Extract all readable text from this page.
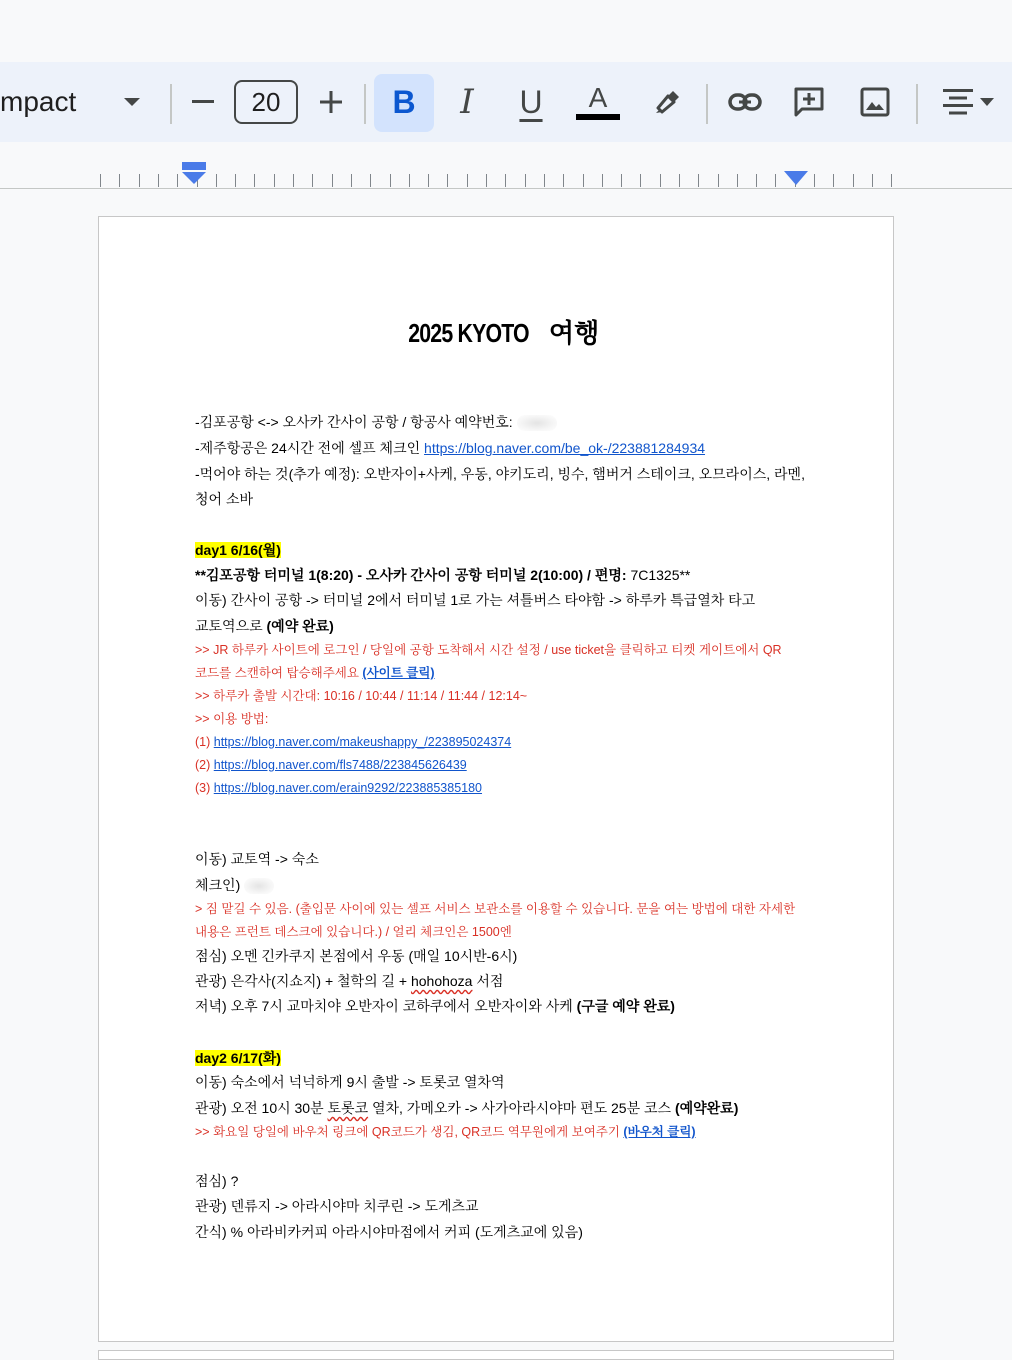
mpact	20	B	I	U	A
2025 KYOTO 여행
-김포공항 <-> 오사카 간사이 공항 / 항공사 예약번호:
-제주항공은 24시간 전에 셀프 체크인 https://blog.naver.com/be_ok-/223881284934
-먹어야 하는 것(추가 예정): 오반자이+사케, 우동, 야키도리, 빙수, 햄버거 스테이크, 오므라이스, 라멘,
청어 소바
day1 6/16(월)
**김포공항 터미널 1(8:20) - 오사카 간사이 공항 터미널 2(10:00) / 편명: 7C1325**
이동) 간사이 공항 -> 터미널 2에서 터미널 1로 가는 셔틀버스 타야함 -> 하루카 특급열차 타고
교토역으로 (예약 완료)
>> JR 하루카 사이트에 로그인 / 당일에 공항 도착해서 시간 설정 / use ticket을 클릭하고 티켓 게이트에서 QR
코드를 스캔하여 탑승해주세요 (사이트 클릭)
>> 하루카 출발 시간대: 10:16 / 10:44 / 11:14 / 11:44 / 12:14~
>> 이용 방법:
(1) https://blog.naver.com/makeushappy_/223895024374
(2) https://blog.naver.com/fls7488/223845626439
(3) https://blog.naver.com/erain9292/223885385180
이동) 교토역 -> 숙소
체크인)
> 짐 맡길 수 있음. (출입문 사이에 있는 셀프 서비스 보관소를 이용할 수 있습니다. 문을 여는 방법에 대한 자세한
내용은 프런트 데스크에 있습니다.) / 얼리 체크인은 1500엔
점심) 오멘 긴카쿠지 본점에서 우동 (매일 10시반-6시)
관광) 은각사(지쇼지) + 철학의 길 + hohohoza 서점
저녁) 오후 7시 교마치야 오반자이 코하쿠에서 오반자이와 사케 (구글 예약 완료)
day2 6/17(화)
이동) 숙소에서 넉넉하게 9시 출발 -> 토롯코 열차역
관광) 오전 10시 30분 토롯코 열차, 가메오카 -> 사가아라시야마 편도 25분 코스 (예약완료)
>> 화요일 당일에 바우처 링크에 QR코드가 생김, QR코드 역무원에게 보여주기 (바우처 클릭)
점심) ?
관광) 덴류지 -> 아라시야마 치쿠린 -> 도게츠교
간식) % 아라비카커피 아라시야마점에서 커피 (도게츠교에 있음)
